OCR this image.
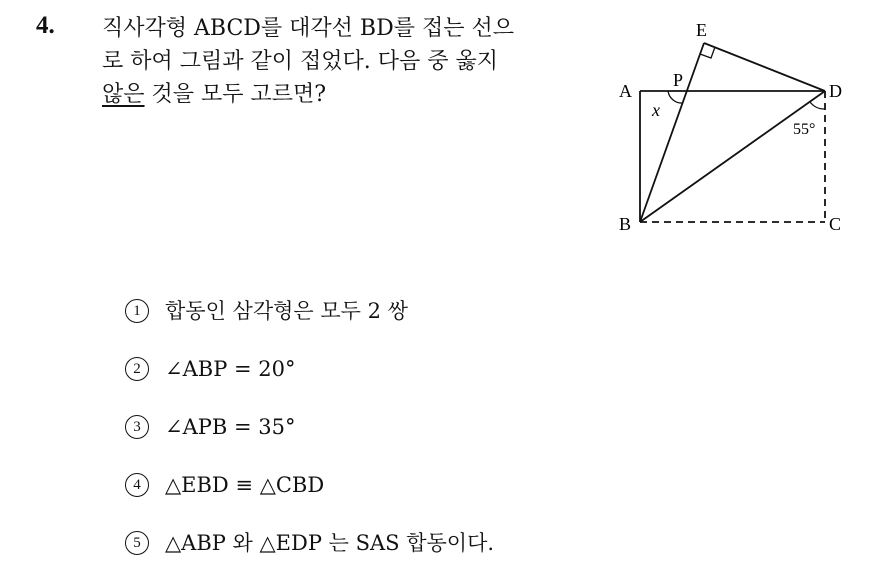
4. 직사각형 ABCD를 대각선 BD를 접는 선으
로 하여 그림과 같이 접었다. 다음 중 옳지
않은 것을 모두 고르면?
E
P
A	D
x
55°
B	C
1	합동인 삼각형은 모두 2 쌍
2	∠ABP = 20°
3	∠APB = 35°
4	△EBD ≡ △CBD
5	△ABP 와 △EDP 는 SAS 합동이다.
